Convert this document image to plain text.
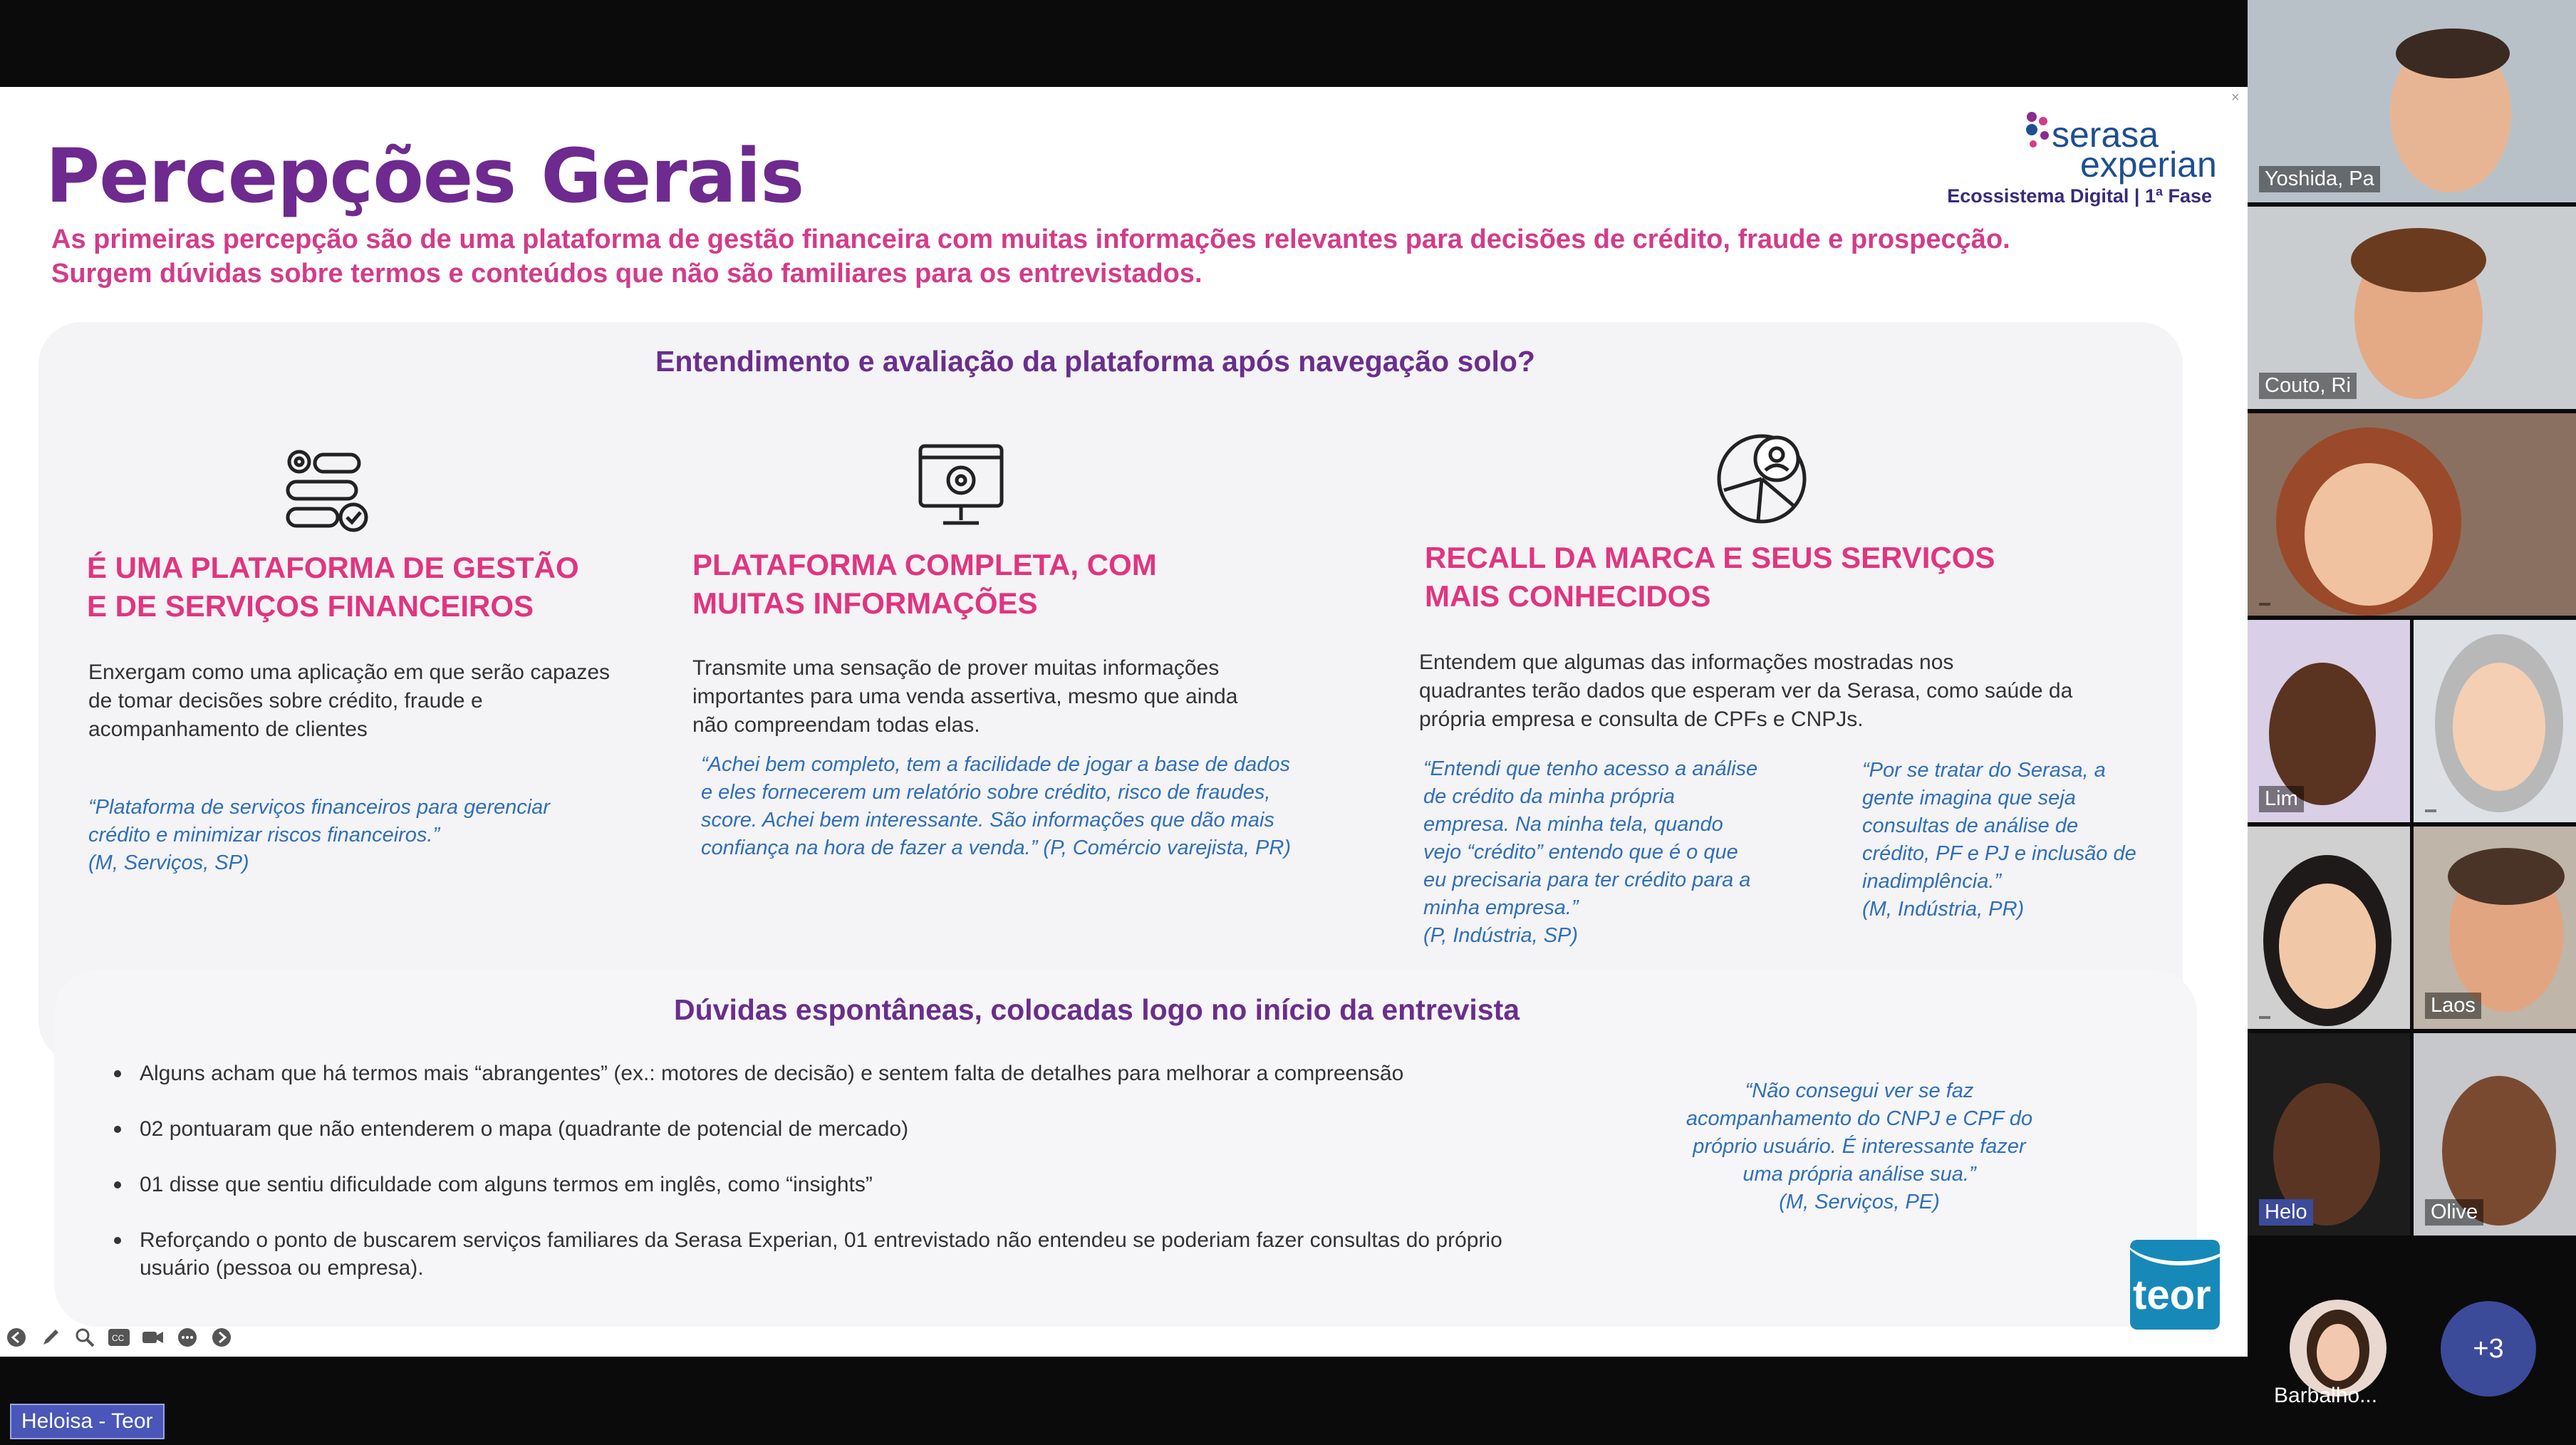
×
Percepções Gerais	serasa
experian
Ecossistema Digital | 1ª Fase
As primeiras percepção são de uma plataforma de gestão financeira com muitas informações relevantes para decisões de crédito, fraude e prospecção.
Surgem dúvidas sobre termos e conteúdos que não são familiares para os entrevistados.
Entendimento e avaliação da plataforma após navegação solo?
É UMA PLATAFORMA DE GESTÃO
E DE SERVIÇOS FINANCEIROS
Enxergam como uma aplicação em que serão capazes
de tomar decisões sobre crédito, fraude e
acompanhamento de clientes
“Plataforma de serviços financeiros para gerenciar
crédito e minimizar riscos financeiros.”
(M, Serviços, SP)
PLATAFORMA COMPLETA, COM
MUITAS INFORMAÇÕES
Transmite uma sensação de prover muitas informações
importantes para uma venda assertiva, mesmo que ainda
não compreendam todas elas.
“Achei bem completo, tem a facilidade de jogar a base de dados
e eles fornecerem um relatório sobre crédito, risco de fraudes,
score. Achei bem interessante. São informações que dão mais
confiança na hora de fazer a venda.” (P, Comércio varejista, PR)
RECALL DA MARCA E SEUS SERVIÇOS
MAIS CONHECIDOS
Entendem que algumas das informações mostradas nos
quadrantes terão dados que esperam ver da Serasa, como saúde da
própria empresa e consulta de CPFs e CNPJs.
“Entendi que tenho acesso a análise
de crédito da minha própria
empresa. Na minha tela, quando
vejo “crédito” entendo que é o que
eu precisaria para ter crédito para a
minha empresa.”
(P, Indústria, SP)
“Por se tratar do Serasa, a
gente imagina que seja
consultas de análise de
crédito, PF e PJ e inclusão de
inadimplência.”
(M, Indústria, PR)
Dúvidas espontâneas, colocadas logo no início da entrevista
Alguns acham que há termos mais “abrangentes” (ex.: motores de decisão) e sentem falta de detalhes para melhorar a compreensão
02 pontuaram que não entenderem o mapa (quadrante de potencial de mercado)
01 disse que sentiu dificuldade com alguns termos em inglês, como “insights”
Reforçando o ponto de buscarem serviços familiares da Serasa Experian, 01 entrevistado não entendeu se poderiam fazer consultas do próprio
usuário (pessoa ou empresa).
“Não consegui ver se faz
acompanhamento do CNPJ e CPF do
próprio usuário. É interessante fazer
uma própria análise sua.”
(M, Serviços, PE)
teor
CC
Yoshida, Pa
Couto, Ri
Lim
Laos
Helo	Olive
Barbalho...
+3
Heloisa - Teor
